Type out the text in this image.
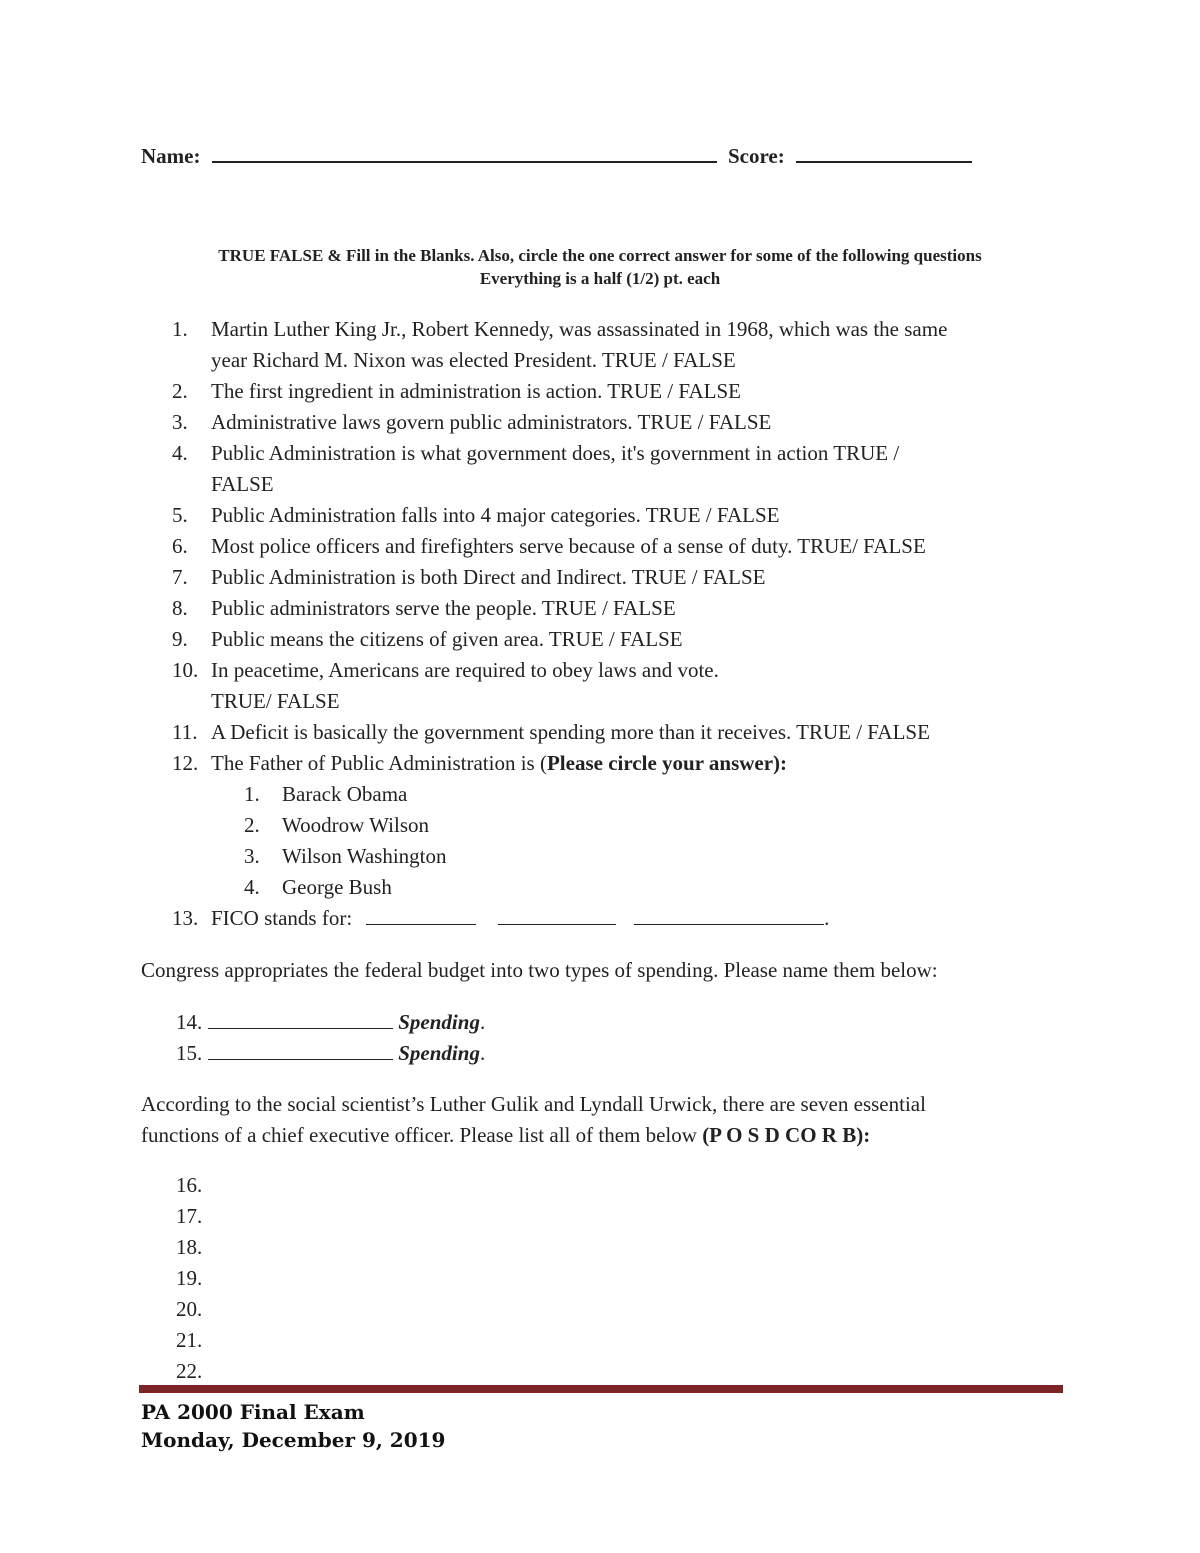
Name:	Score:
TRUE FALSE & Fill in the Blanks. Also, circle the one correct answer for some of the following questions
Everything is a half (1/2) pt. each
1.	Martin Luther King Jr., Robert Kennedy, was assassinated in 1968, which was the same
year Richard M. Nixon was elected President. TRUE / FALSE
2.	The first ingredient in administration is action. TRUE / FALSE
3.	Administrative laws govern public administrators. TRUE / FALSE
4.	Public Administration is what government does, it's government in action TRUE /
FALSE
5.	Public Administration falls into 4 major categories. TRUE / FALSE
6.	Most police officers and firefighters serve because of a sense of duty. TRUE/ FALSE
7.	Public Administration is both Direct and Indirect. TRUE / FALSE
8.	Public administrators serve the people. TRUE / FALSE
9.	Public means the citizens of given area. TRUE / FALSE
10. In peacetime, Americans are required to obey laws and vote.
TRUE/ FALSE
11. A Deficit is basically the government spending more than it receives. TRUE / FALSE
12. The Father of Public Administration is (Please circle your answer):
1.	Barack Obama
2.	Woodrow Wilson
3.	Wilson Washington
4.	George Bush
13. FICO stands for:	.
Congress appropriates the federal budget into two types of spending. Please name them below:
14.	Spending.
15.	Spending.
According to the social scientist’s Luther Gulik and Lyndall Urwick, there are seven essential
functions of a chief executive officer. Please list all of them below (P O S D CO R B):
16.
17.
18.
19.
20.
21.
22.
PA 2000 Final Exam
Monday, December 9, 2019
